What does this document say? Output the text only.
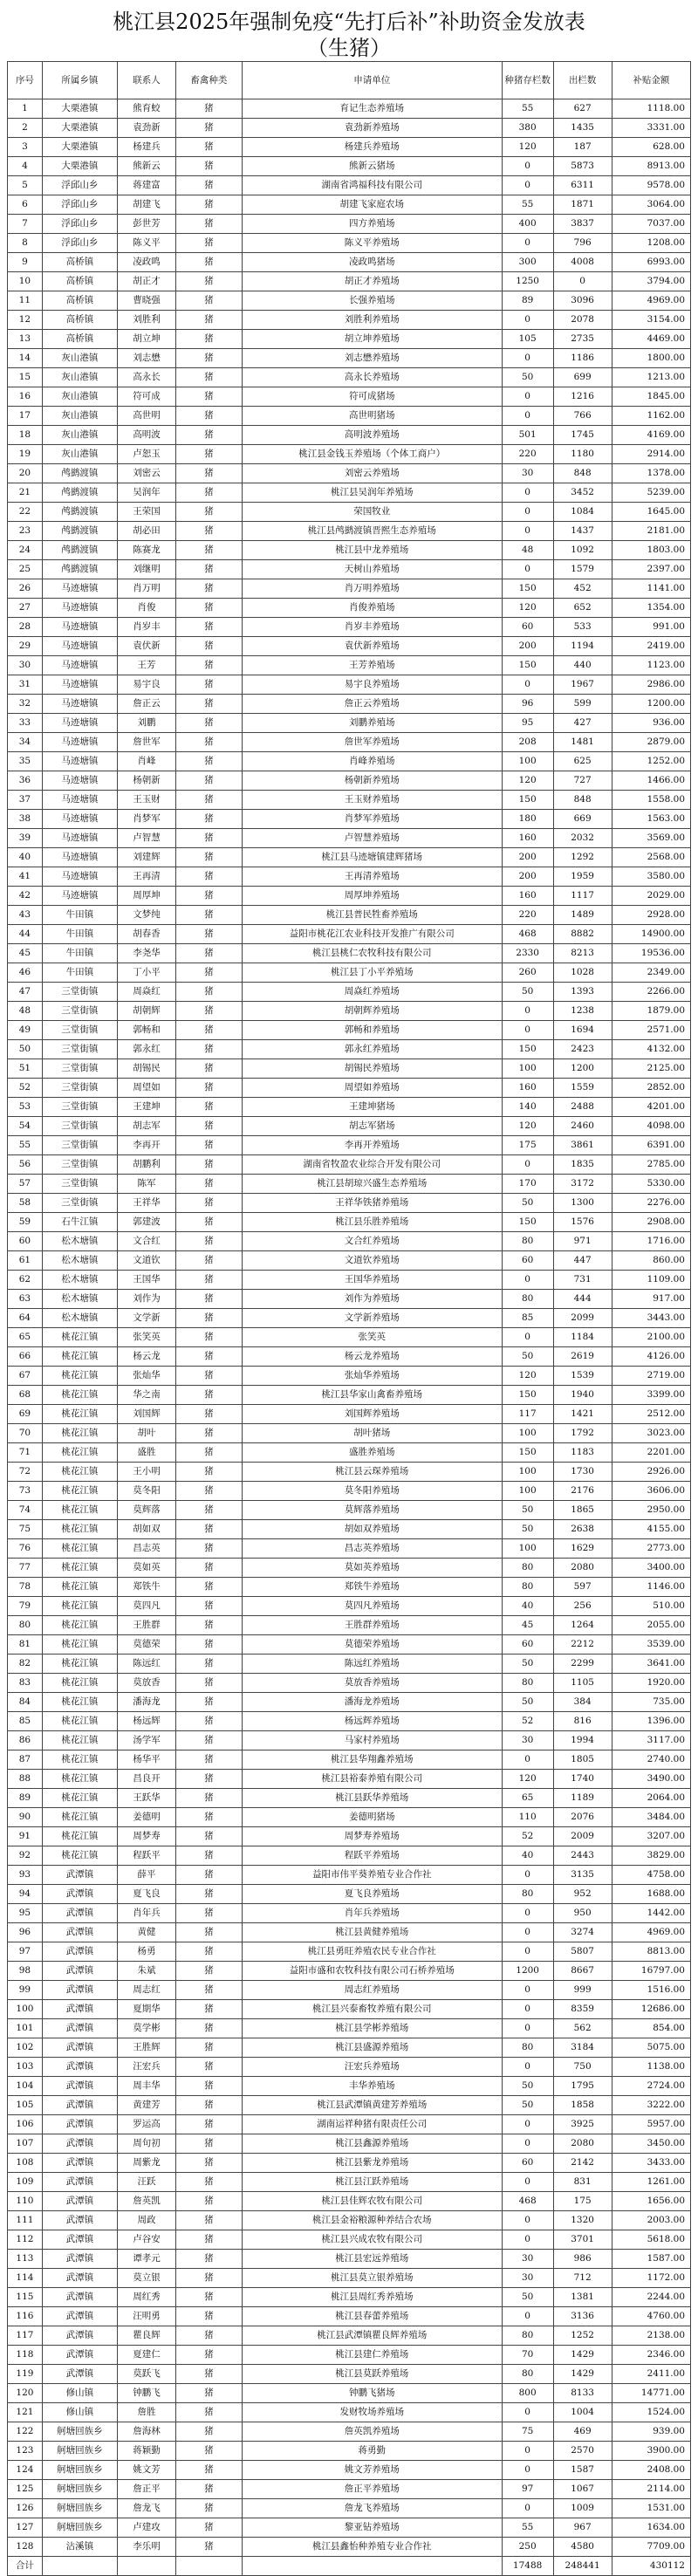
桃江县2025年强制免疫“先打后补”补助资金发放表
（生猪）
序号	所属乡镇	联系人	畜禽种类	申请单位	种猪存栏数	出栏数	补贴金额
1	大栗港镇	熊育蛟	猪	育记生态养殖场	55	627	1118.00
2	大栗港镇	袁劲新	猪	袁劲新养殖场	380	1435	3331.00
3	大栗港镇	杨建兵	猪	杨建兵养殖场	120	187	628.00
4	大栗港镇	熊新云	猪	熊新云猪场	0	5873	8913.00
5	浮邱山乡	蒋建富	猪	湖南省鸿福科技有限公司	0	6311	9578.00
6	浮邱山乡	胡建飞	猪	胡建飞家庭农场	55	1871	3064.00
7	浮邱山乡	彭世芳	猪	四方养殖场	400	3837	7037.00
8	浮邱山乡	陈义平	猪	陈义平养殖场	0	796	1208.00
9	高桥镇	凌政鸣	猪	凌政鸣猪场	300	4008	6993.00
10	高桥镇	胡正才	猪	胡正才养殖场	1250	0	3794.00
11	高桥镇	曹晓强	猪	长强养殖场	89	3096	4969.00
12	高桥镇	刘胜利	猪	刘胜利养殖场	0	2078	3154.00
13	高桥镇	胡立坤	猪	胡立坤养殖场	105	2735	4469.00
14	灰山港镇	刘志懋	猪	刘志懋养殖场	0	1186	1800.00
15	灰山港镇	高永长	猪	高永长养殖场	50	699	1213.00
16	灰山港镇	符可成	猪	符可成猪场	0	1216	1845.00
17	灰山港镇	高世明	猪	高世明猪场	0	766	1162.00
18	灰山港镇	高明波	猪	高明波养殖场	501	1745	4169.00
19	灰山港镇	卢恕玉	猪	桃江县金钱玉养殖场（个体工商户）	220	1180	2914.00
20	鸬鹚渡镇	刘密云	猪	刘密云养殖场	30	848	1378.00
21	鸬鹚渡镇	吴润年	猪	桃江县吴润年养殖场	0	3452	5239.00
22	鸬鹚渡镇	王荣国	猪	荣国牧业	0	1084	1645.00
23	鸬鹚渡镇	胡必田	猪	桃江县鸬鹚渡镇晋熙生态养殖场	0	1437	2181.00
24	鸬鹚渡镇	陈赛龙	猪	桃江县中龙养殖场	48	1092	1803.00
25	鸬鹚渡镇	刘继明	猪	天树山养殖场	0	1579	2397.00
26	马迹塘镇	肖万明	猪	肖万明养殖场	150	452	1141.00
27	马迹塘镇	肖俊	猪	肖俊养殖场	120	652	1354.00
28	马迹塘镇	肖岁丰	猪	肖岁丰养殖场	60	533	991.00
29	马迹塘镇	袁伏新	猪	袁伏新养殖场	200	1194	2419.00
30	马迹塘镇	王芳	猪	王芳养殖场	150	440	1123.00
31	马迹塘镇	易宇良	猪	易宇良养殖场	0	1967	2986.00
32	马迹塘镇	詹正云	猪	詹正云养殖场	96	599	1200.00
33	马迹塘镇	刘鹏	猪	刘鹏养殖场	95	427	936.00
34	马迹塘镇	詹世军	猪	詹世军养殖场	208	1481	2879.00
35	马迹塘镇	肖峰	猪	肖峰养殖场	100	625	1252.00
36	马迹塘镇	杨朝新	猪	杨朝新养殖场	120	727	1466.00
37	马迹塘镇	王玉财	猪	王玉财养殖场	150	848	1558.00
38	马迹塘镇	肖梦军	猪	肖梦军养殖场	180	669	1563.00
39	马迹塘镇	卢智慧	猪	卢智慧养殖场	160	2032	3569.00
40	马迹塘镇	刘建辉	猪	桃江县马迹塘镇建辉猪场	200	1292	2568.00
41	马迹塘镇	王再清	猪	王再清养殖场	200	1959	3580.00
42	马迹塘镇	周厚坤	猪	周厚坤养殖场	160	1117	2029.00
43	牛田镇	文梦纯	猪	桃江县普民牲畜养殖场	220	1489	2928.00
44	牛田镇	胡春香	猪	益阳市桃花江农业科技开发推广有限公司	468	8882	14900.00
45	牛田镇	李尧华	猪	桃江县桃仁农牧科技有限公司	2330	8213	19536.00
46	牛田镇	丁小平	猪	桃江县丁小平养殖场	260	1028	2349.00
47	三堂街镇	周焱红	猪	周焱红养殖场	50	1393	2266.00
48	三堂街镇	胡朝辉	猪	胡朝辉养殖场	0	1238	1879.00
49	三堂街镇	郭畅和	猪	郭畅和养殖场	0	1694	2571.00
50	三堂街镇	郭永红	猪	郭永红养殖场	150	2423	4132.00
51	三堂街镇	胡锡民	猪	胡锡民养殖场	100	1200	2125.00
52	三堂街镇	周望如	猪	周望如养殖场	160	1559	2852.00
53	三堂街镇	王建坤	猪	王建坤猪场	140	2488	4201.00
54	三堂街镇	胡志军	猪	胡志军猪场	120	2460	4098.00
55	三堂街镇	李再开	猪	李再开养殖场	175	3861	6391.00
56	三堂街镇	胡鹏利	猪	湖南省牧盈农业综合开发有限公司	0	1835	2785.00
57	三堂街镇	陈军	猪	桃江县胡琼兴盛生态养殖场	170	3172	5330.00
58	三堂街镇	王祥华	猪	王祥华铁猪养殖场	50	1300	2276.00
59	石牛江镇	郭建波	猪	桃江县乐胜养殖场	150	1576	2908.00
60	松木塘镇	文合红	猪	文合红养殖场	80	971	1716.00
61	松木塘镇	文道钦	猪	文道钦养殖场	60	447	860.00
62	松木塘镇	王国华	猪	王国华养殖场	0	731	1109.00
63	松木塘镇	刘作为	猪	刘作为养殖场	80	444	917.00
64	松木塘镇	文学新	猪	文学新养殖场	85	2099	3443.00
65	桃花江镇	张笑英	猪	张笑英	0	1184	2100.00
66	桃花江镇	杨云龙	猪	杨云龙养殖场	50	2619	4126.00
67	桃花江镇	张灿华	猪	张灿华养殖场	120	1539	2719.00
68	桃花江镇	华之南	猪	桃江县华家山禽畜养殖场	150	1940	3399.00
69	桃花江镇	刘国辉	猪	刘国辉养殖场	117	1421	2512.00
70	桃花江镇	胡叶	猪	胡叶猪场	100	1792	3023.00
71	桃花江镇	盛胜	猪	盛胜养殖场	150	1183	2201.00
72	桃花江镇	王小明	猪	桃江县云琛养殖场	100	1730	2926.00
73	桃花江镇	莫冬阳	猪	莫冬阳养殖场	100	2176	3606.00
74	桃花江镇	莫辉落	猪	莫辉落养殖场	50	1865	2950.00
75	桃花江镇	胡如双	猪	胡如双养殖场	50	2638	4155.00
76	桃花江镇	昌志英	猪	昌志英养殖场	100	1629	2773.00
77	桃花江镇	莫如英	猪	莫如英养殖场	80	2080	3400.00
78	桃花江镇	郑铁牛	猪	郑铁牛养殖场	80	597	1146.00
79	桃花江镇	莫四凡	猪	莫四凡养殖场	40	256	510.00
80	桃花江镇	王胜群	猪	王胜群养殖场	45	1264	2055.00
81	桃花江镇	莫德荣	猪	莫德荣养殖场	60	2212	3539.00
82	桃花江镇	陈远红	猪	陈远红养殖场	50	2299	3641.00
83	桃花江镇	莫放香	猪	莫放香养殖场	80	1105	1920.00
84	桃花江镇	潘海龙	猪	潘海龙养殖场	50	384	735.00
85	桃花江镇	杨远辉	猪	杨远辉养殖场	52	816	1396.00
86	桃花江镇	汤学军	猪	马家村养殖场	30	1994	3117.00
87	桃花江镇	杨华平	猪	桃江县华翔鑫养殖场	0	1805	2740.00
88	桃花江镇	昌良开	猪	桃江县裕泰养殖有限公司	120	1740	3490.00
89	桃花江镇	王跃华	猪	桃江县跃华养殖场	65	1189	2064.00
90	桃花江镇	姜德明	猪	姜德明猪场	110	2076	3484.00
91	桃花江镇	周梦寿	猪	周梦寿养殖场	52	2009	3207.00
92	桃花江镇	程跃平	猪	程跃平养殖场	40	2443	3829.00
93	武潭镇	薛平	猪	益阳市伟平葵养殖专业合作社	0	3135	4758.00
94	武潭镇	夏飞良	猪	夏飞良养殖场	80	952	1688.00
95	武潭镇	肖年兵	猪	肖年兵养殖场	0	950	1442.00
96	武潭镇	黄健	猪	桃江县黄健养殖场	0	3274	4969.00
97	武潭镇	杨勇	猪	桃江县勇旺养殖农民专业合作社	0	5807	8813.00
98	武潭镇	朱斌	猪	益阳市盛和农牧科技有限公司石桥养殖场	1200	8667	16797.00
99	武潭镇	周志红	猪	周志红养殖场	0	999	1516.00
100	武潭镇	夏期华	猪	桃江县兴泰畜牧养殖有限公司	0	8359	12686.00
101	武潭镇	莫学彬	猪	桃江县学彬养殖场	0	562	854.00
102	武潭镇	王胜辉	猪	桃江县盛源养殖场	80	3184	5075.00
103	武潭镇	汪宏兵	猪	汪宏兵养殖场	0	750	1138.00
104	武潭镇	周丰华	猪	丰华养殖场	50	1795	2724.00
105	武潭镇	黄建芳	猪	桃江县武潭镇黄建芳养殖场	50	1858	3222.00
106	武潭镇	罗运高	猪	湖南运祥种猪有限责任公司	0	3925	5957.00
107	武潭镇	周句初	猪	桃江县鑫源养殖场	0	2080	3450.00
108	武潭镇	周紫龙	猪	桃江县紫龙养殖场	60	2142	3433.00
109	武潭镇	汪跃	猪	桃江县江跃养殖场	0	831	1261.00
110	武潭镇	詹英凯	猪	桃江县佳辉农牧有限公司	468	175	1656.00
111	武潭镇	周政	猪	桃江县金裕粮源种养结合农场	0	1320	2003.00
112	武潭镇	卢谷安	猪	桃江县兴成农牧有限公司	0	3701	5618.00
113	武潭镇	谭孝元	猪	桃江县宏远养殖场	30	986	1587.00
114	武潭镇	莫立银	猪	桃江县莫立银养殖场	30	712	1172.00
115	武潭镇	周红秀	猪	桃江县周红秀养殖场	50	1381	2244.00
116	武潭镇	汪明勇	猪	桃江县春蕾养殖场	0	3136	4760.00
117	武潭镇	瞿良辉	猪	桃江县武潭镇瞿良辉养殖场	80	1252	2138.00
118	武潭镇	夏建仁	猪	桃江县建仁养殖场	70	1429	2346.00
119	武潭镇	莫跃飞	猪	桃江县莫跃养殖场	80	1429	2411.00
120	修山镇	钟鹏飞	猪	钟鹏飞猪场	800	8133	14771.00
121	修山镇	詹胜	猪	发财牧场养殖场	0	1004	1524.00
122	舸塘回族乡	詹海林	猪	詹英凯养殖场	75	469	939.00
123	舸塘回族乡	蒋颖勤	猪	蒋勇勤	0	2570	3900.00
124	舸塘回族乡	姚文芳	猪	姚文芳养殖场	0	1587	2408.00
125	舸塘回族乡	詹正平	猪	詹正平养殖场	97	1067	2114.00
126	舸塘回族乡	詹龙飞	猪	詹龙飞养殖场	0	1009	1531.00
127	舸塘回族乡	卢建攻	猪	黎亚钻养殖场	55	967	1634.00
128	沾溪镇	李乐明	猪	桃江县鑫怡种养殖专业合作社	250	4580	7709.00
合计					17488	248441	430112
